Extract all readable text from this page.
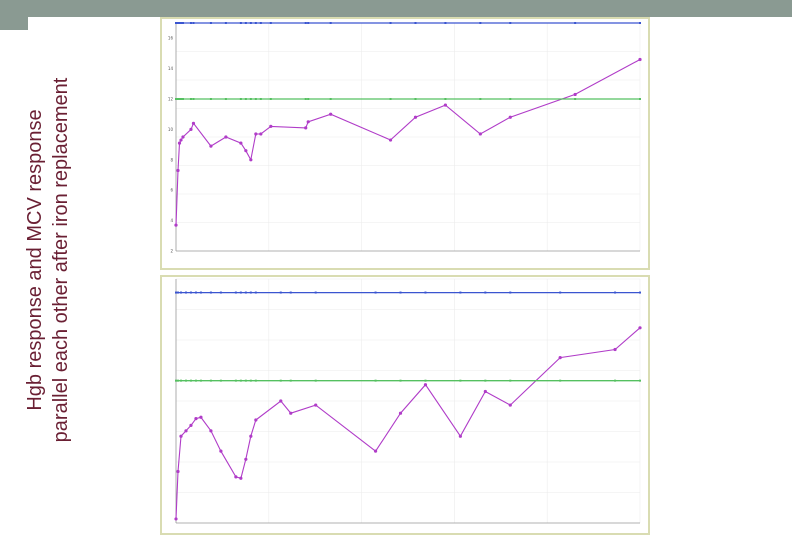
Hgb response and MCV response parallel each other after iron replacement	2
4
6
8
10
12
14
16
